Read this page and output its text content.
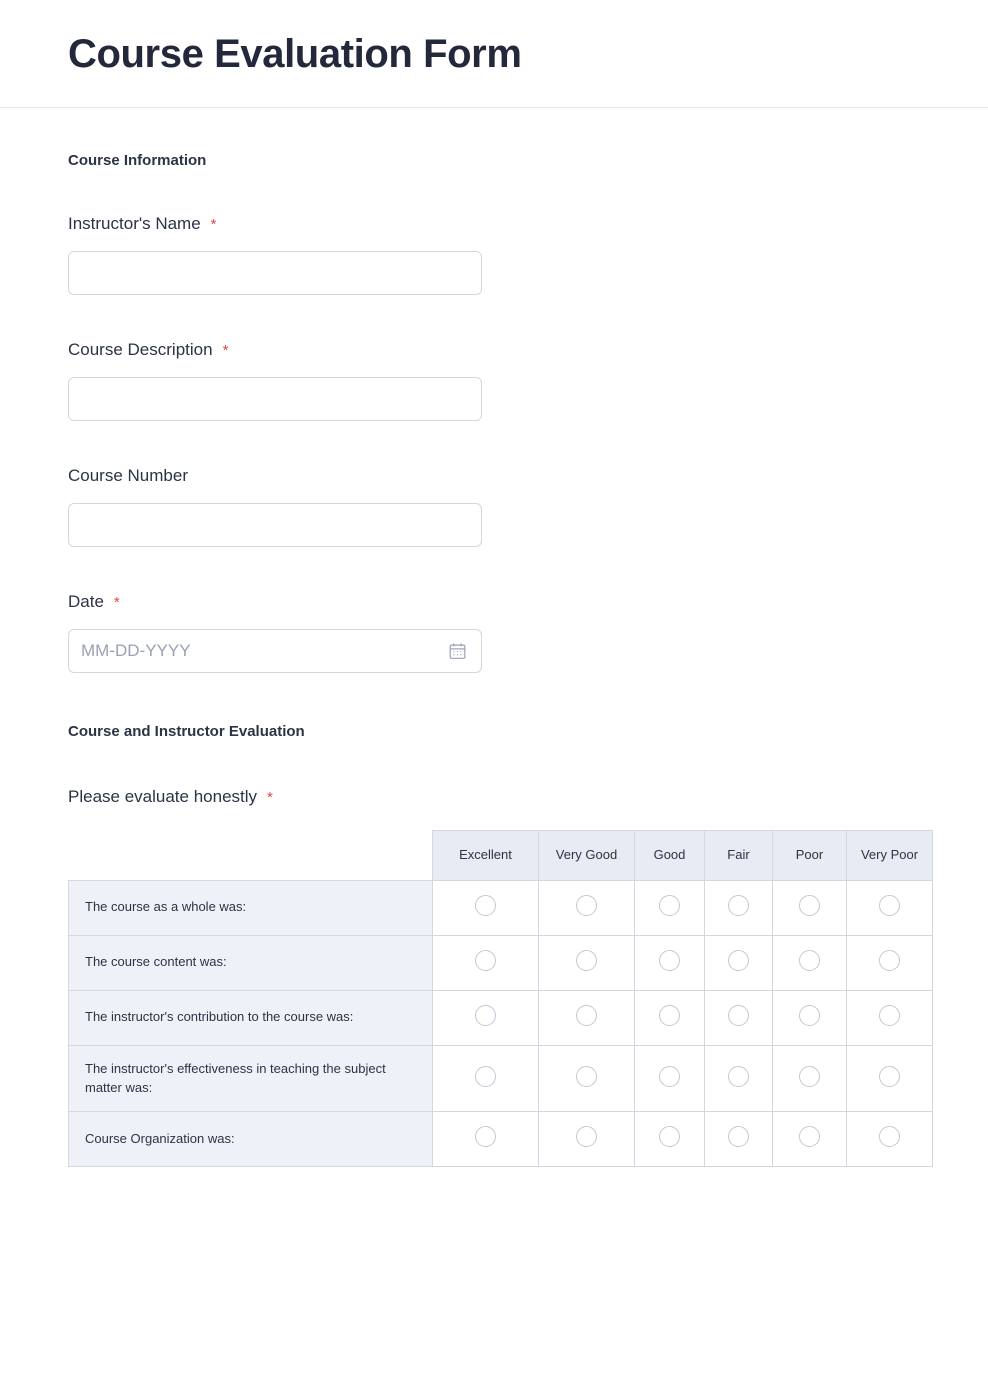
Course Evaluation Form
Course Information
Instructor's Name *
Course Description *
Course Number
Date *
MM-DD-YYYY
Course and Instructor Evaluation
Please evaluate honestly *
	Excellent	Very Good	Good	Fair	Poor	Very Poor
The course as a whole was:						
The course content was:						
The instructor's contribution to the course was:						
The instructor's effectiveness in teaching the subject matter was:						
Course Organization was:						
